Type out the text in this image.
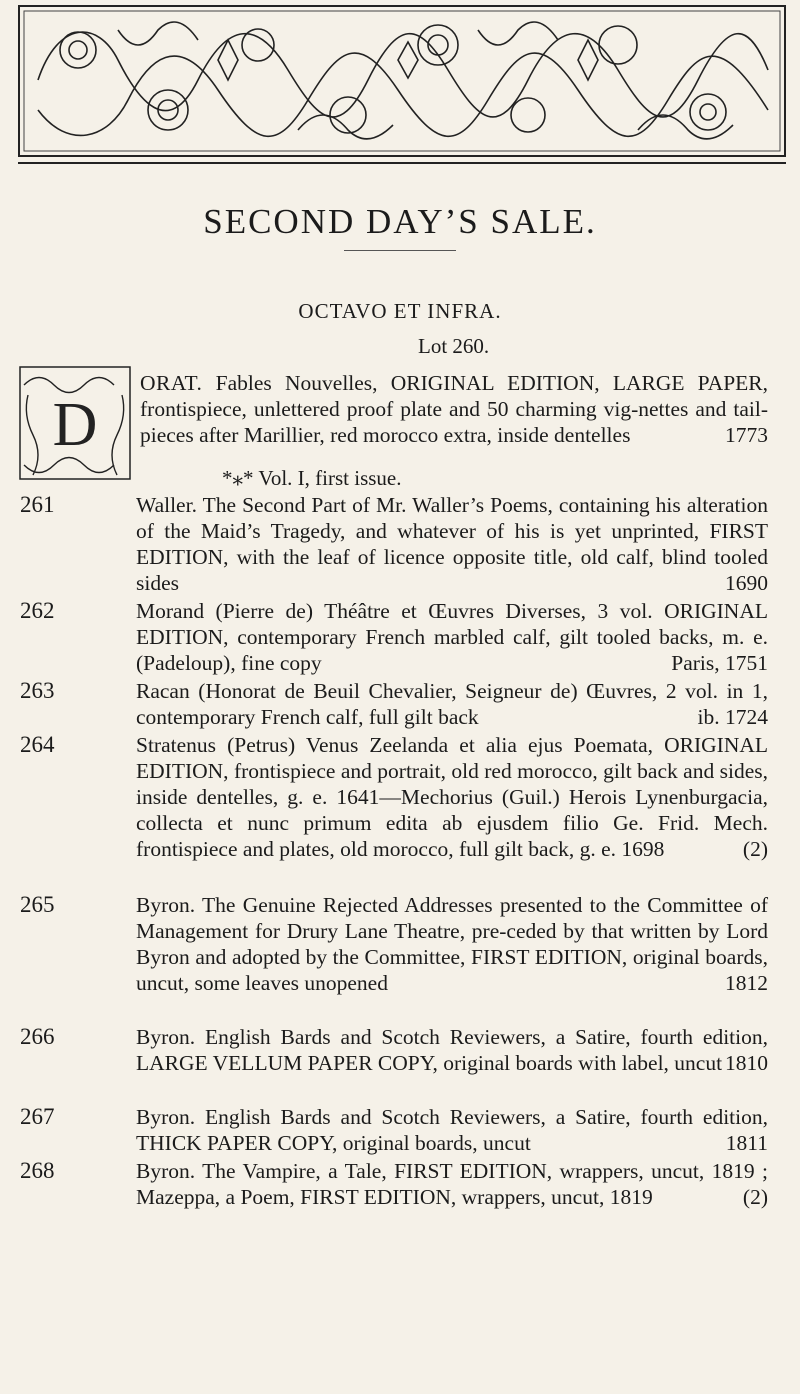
SECOND DAY’S SALE.
OCTAVO ET INFRA.
Lot 260.
D
ORAT. Fables Nouvelles, ORIGINAL EDITION, LARGE PAPER, frontispiece, unlettered proof plate and 50 charming vig-nettes and tail-pieces after Marillier, red morocco extra, inside dentelles	1773
*⁎* Vol. I, first issue.
261	Waller. The Second Part of Mr. Waller’s Poems, containing his alteration of the Maid’s Tragedy, and whatever of his is yet unprinted, FIRST EDITION, with the leaf of licence opposite title, old calf, blind tooled sides	1690
262	Morand (Pierre de) Théâtre et Œuvres Diverses, 3 vol. ORIGINAL EDITION, contemporary French marbled calf, gilt tooled backs, m. e. (Padeloup), fine copy	Paris, 1751
263	Racan (Honorat de Beuil Chevalier, Seigneur de) Œuvres, 2 vol. in 1, contemporary French calf, full gilt back	ib. 1724
264	Stratenus (Petrus) Venus Zeelanda et alia ejus Poemata, ORIGINAL EDITION, frontispiece and portrait, old red morocco, gilt back and sides, inside dentelles, g. e. 1641—Mechorius (Guil.) Herois Lynenburgacia, collecta et nunc primum edita ab ejusdem filio Ge. Frid. Mech. frontispiece and plates, old morocco, full gilt back, g. e. 1698	(2)
265	Byron. The Genuine Rejected Addresses presented to the Committee of Management for Drury Lane Theatre, pre-ceded by that written by Lord Byron and adopted by the Committee, FIRST EDITION, original boards, uncut, some leaves unopened	1812
266	Byron. English Bards and Scotch Reviewers, a Satire, fourth edition, LARGE VELLUM PAPER COPY, original boards with label, uncut 1810
267	Byron. English Bards and Scotch Reviewers, a Satire, fourth edition, THICK PAPER COPY, original boards, uncut	1811
268	Byron. The Vampire, a Tale, FIRST EDITION, wrappers, uncut, 1819 ; Mazeppa, a Poem, FIRST EDITION, wrappers, uncut, 1819	(2)
